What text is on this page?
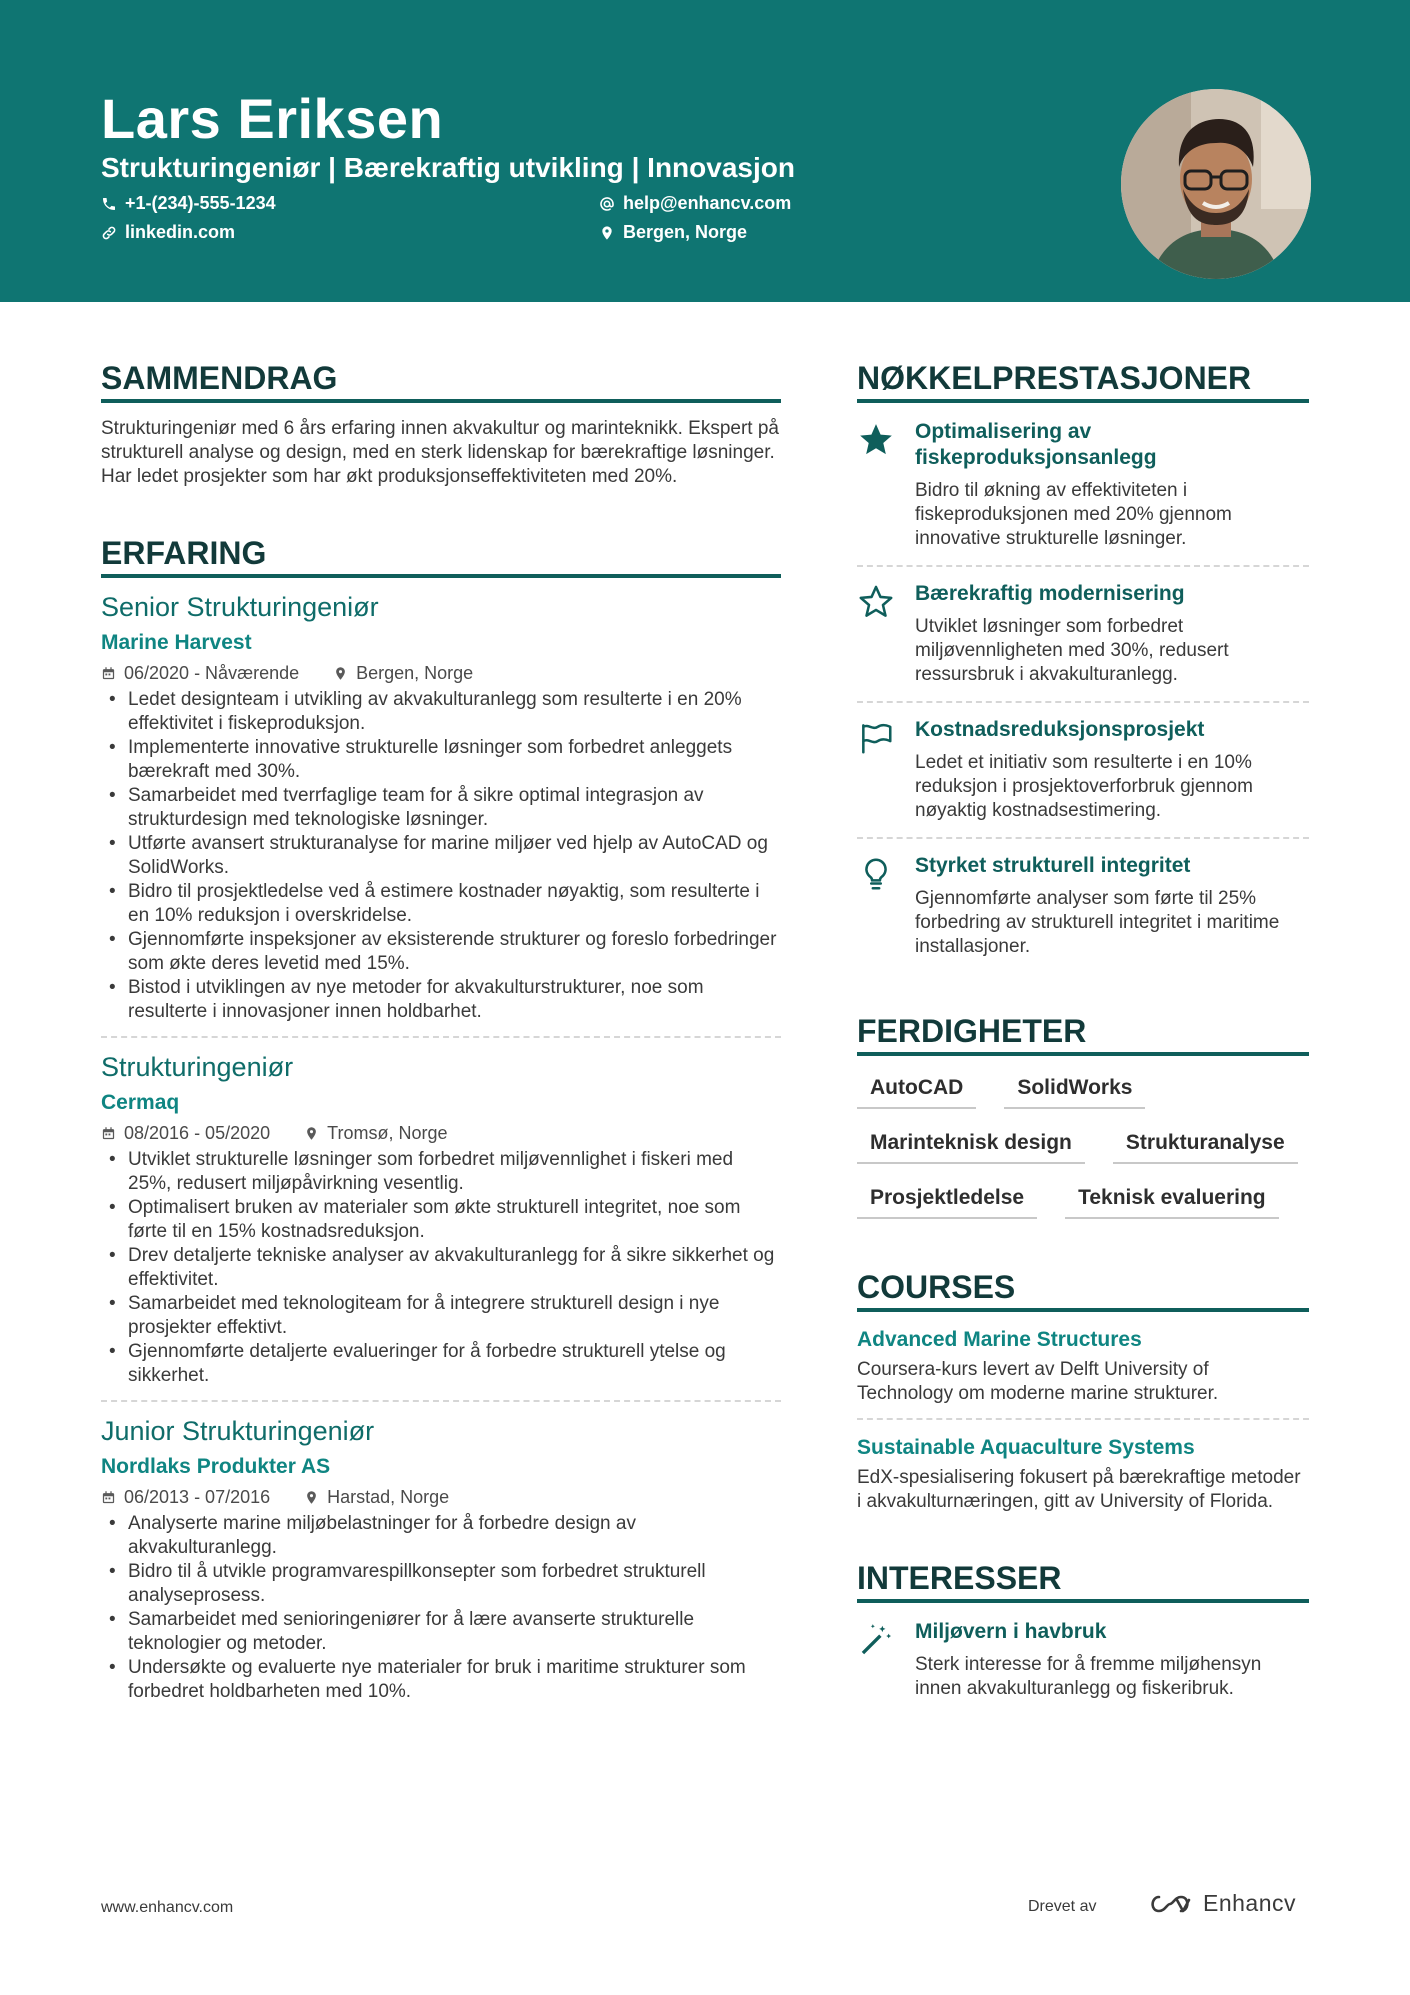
Lars Eriksen
Strukturingeniør | Bærekraftig utvikling | Innovasjon
+1-(234)-555-1234	help@enhancv.com
linkedin.com	Bergen, Norge
SAMMENDRAG
Strukturingeniør med 6 års erfaring innen akvakultur og marinteknikk. Ekspert på strukturell analyse og design, med en sterk lidenskap for bærekraftige løsninger. Har ledet prosjekter som har økt produksjonseffektiviteten med 20%.
ERFARING
Senior Strukturingeniør
Marine Harvest
06/2020 - Nåværende	Bergen, Norge
• Ledet designteam i utvikling av akvakulturanlegg som resulterte i en 20% effektivitet i fiskeproduksjon.
• Implementerte innovative strukturelle løsninger som forbedret anleggets bærekraft med 30%.
• Samarbeidet med tverrfaglige team for å sikre optimal integrasjon av strukturdesign med teknologiske løsninger.
• Utførte avansert strukturanalyse for marine miljøer ved hjelp av AutoCAD og SolidWorks.
• Bidro til prosjektledelse ved å estimere kostnader nøyaktig, som resulterte i en 10% reduksjon i overskridelse.
• Gjennomførte inspeksjoner av eksisterende strukturer og foreslo forbedringer som økte deres levetid med 15%.
• Bistod i utviklingen av nye metoder for akvakulturstrukturer, noe som resulterte i innovasjoner innen holdbarhet.
Strukturingeniør
Cermaq
08/2016 - 05/2020	Tromsø, Norge
• Utviklet strukturelle løsninger som forbedret miljøvennlighet i fiskeri med 25%, redusert miljøpåvirkning vesentlig.
• Optimalisert bruken av materialer som økte strukturell integritet, noe som førte til en 15% kostnadsreduksjon.
• Drev detaljerte tekniske analyser av akvakulturanlegg for å sikre sikkerhet og effektivitet.
• Samarbeidet med teknologiteam for å integrere strukturell design i nye prosjekter effektivt.
• Gjennomførte detaljerte evalueringer for å forbedre strukturell ytelse og sikkerhet.
Junior Strukturingeniør
Nordlaks Produkter AS
06/2013 - 07/2016	Harstad, Norge
• Analyserte marine miljøbelastninger for å forbedre design av akvakulturanlegg.
• Bidro til å utvikle programvarespillkonsepter som forbedret strukturell analyseprosess.
• Samarbeidet med senioringeniører for å lære avanserte strukturelle teknologier og metoder.
• Undersøkte og evaluerte nye materialer for bruk i maritime strukturer som forbedret holdbarheten med 10%.
NØKKELPRESTASJONER
Optimalisering av fiskeproduksjonsanlegg
Bidro til økning av effektiviteten i fiskeproduksjonen med 20% gjennom innovative strukturelle løsninger.
Bærekraftig modernisering
Utviklet løsninger som forbedret miljøvennligheten med 30%, redusert ressursbruk i akvakulturanlegg.
Kostnadsreduksjonsprosjekt
Ledet et initiativ som resulterte i en 10% reduksjon i prosjektoverforbruk gjennom nøyaktig kostnadsestimering.
Styrket strukturell integritet
Gjennomførte analyser som førte til 25% forbedring av strukturell integritet i maritime installasjoner.
FERDIGHETER
AutoCAD	SolidWorks
Marinteknisk design	Strukturanalyse
Prosjektledelse	Teknisk evaluering
COURSES
Advanced Marine Structures
Coursera-kurs levert av Delft University of Technology om moderne marine strukturer.
Sustainable Aquaculture Systems
EdX-spesialisering fokusert på bærekraftige metoder i akvakulturnæringen, gitt av University of Florida.
INTERESSER
Miljøvern i havbruk
Sterk interesse for å fremme miljøhensyn innen akvakulturanlegg og fiskeribruk.
www.enhancv.com	Drevet av	Enhancv
